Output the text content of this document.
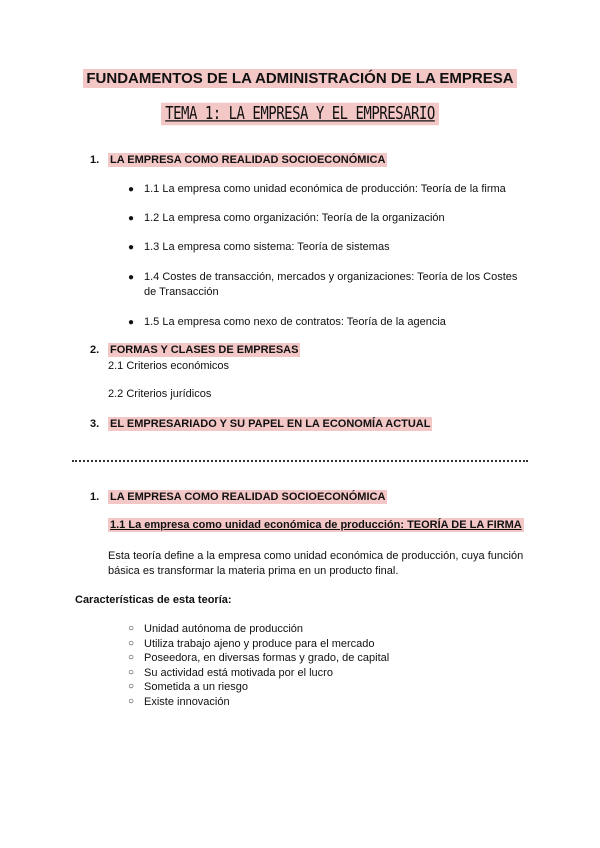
FUNDAMENTOS DE LA ADMINISTRACIÓN DE LA EMPRESA
TEMA 1: LA EMPRESA Y EL EMPRESARIO
1. LA EMPRESA COMO REALIDAD SOCIOECONÓMICA
● 1.1 La empresa como unidad económica de producción: Teoría de la firma
● 1.2 La empresa como organización: Teoría de la organización
● 1.3 La empresa como sistema: Teoría de sistemas
● 1.4 Costes de transacción, mercados y organizaciones: Teoría de los Costes de Transacción
● 1.5 La empresa como nexo de contratos: Teoría de la agencia
2. FORMAS Y CLASES DE EMPRESAS
2.1 Criterios económicos
2.2 Criterios jurídicos
3. EL EMPRESARIADO Y SU PAPEL EN LA ECONOMÍA ACTUAL
1. LA EMPRESA COMO REALIDAD SOCIOECONÓMICA
1.1 La empresa como unidad económica de producción: TEORÍA DE LA FIRMA
Esta teoría define a la empresa como unidad económica de producción, cuya función básica es transformar la materia prima en un producto final.
Características de esta teoría:
○ Unidad autónoma de producción
○ Utiliza trabajo ajeno y produce para el mercado
○ Poseedora, en diversas formas y grado, de capital
○ Su actividad está motivada por el lucro
○ Sometida a un riesgo
○ Existe innovación
